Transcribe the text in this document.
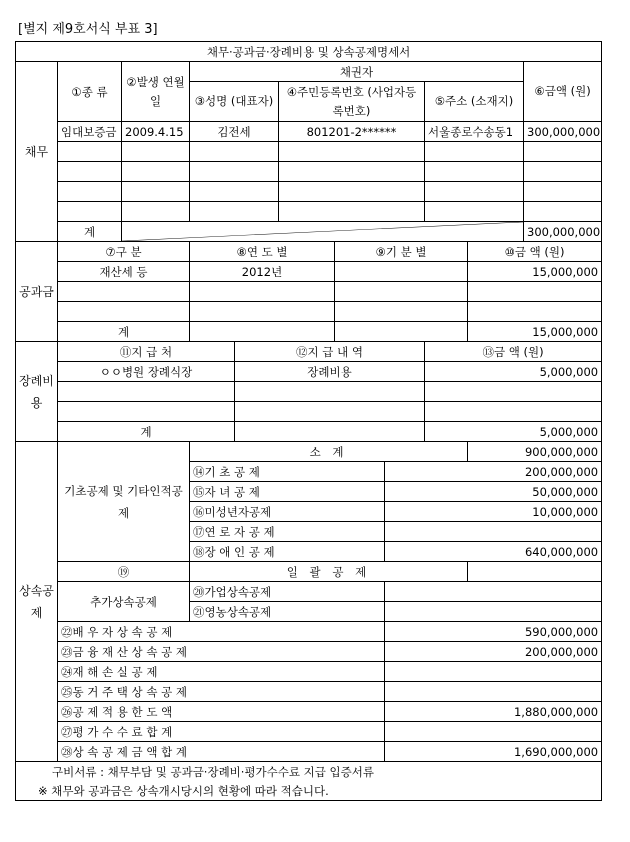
[별지 제9호서식 부표 3]
채무·공과금·장례비용 및 상속공제명세서										
채무	①종 류	②발생 연월일	채권자							⑥금액 (원)
			③성명 (대표자)		④주민등록번호 (사업자등록번호)			⑤주소 (소재지)		
	임대보증금	2009.4.15	김전세		801201-2******			서울종로수송동1		300,000,000

	계									300,000,000
공과금	⑦구 분		⑧연 도 별			⑨기 분 별			⑩금 액 (원)	
	재산세 등		2012년						15,000,000	

	계								15,000,000	
장례비용	⑪지 급 처			⑫지 급 내 역				⑬금 액 (원)		
	ㅇㅇ병원 장례식장			장례비용				5,000,000		

	계							5,000,000		
상속공제	기초공제 및 기타인적공제		소 계						900,000,000	
			⑭기 초 공 제				200,000,000			
			⑮자 녀 공 제				50,000,000			
			⑯미성년자공제				10,000,000			
			⑰연 로 자 공 제							
			⑱장 애 인 공 제				640,000,000			
	⑲		일 괄 공 제							
	추가상속공제		⑳가업상속공제							
			㉑영농상속공제							
	㉒배 우 자 상 속 공 제						590,000,000			
	㉓금 융 재 산 상 속 공 제						200,000,000			
	㉔재 해 손 실 공 제									
	㉕동 거 주 택 상 속 공 제									
	㉖공 제 적 용 한 도 액						1,880,000,000			
	㉗평 가 수 수 료 합 계									
	㉘상 속 공 제 금 액 합 계						1,690,000,000			
구비서류 : 채무부담 및 공과금·장례비·평가수수료 지급 입증서류										
※ 채무와 공과금은 상속개시당시의 현황에 따라 적습니다.										
